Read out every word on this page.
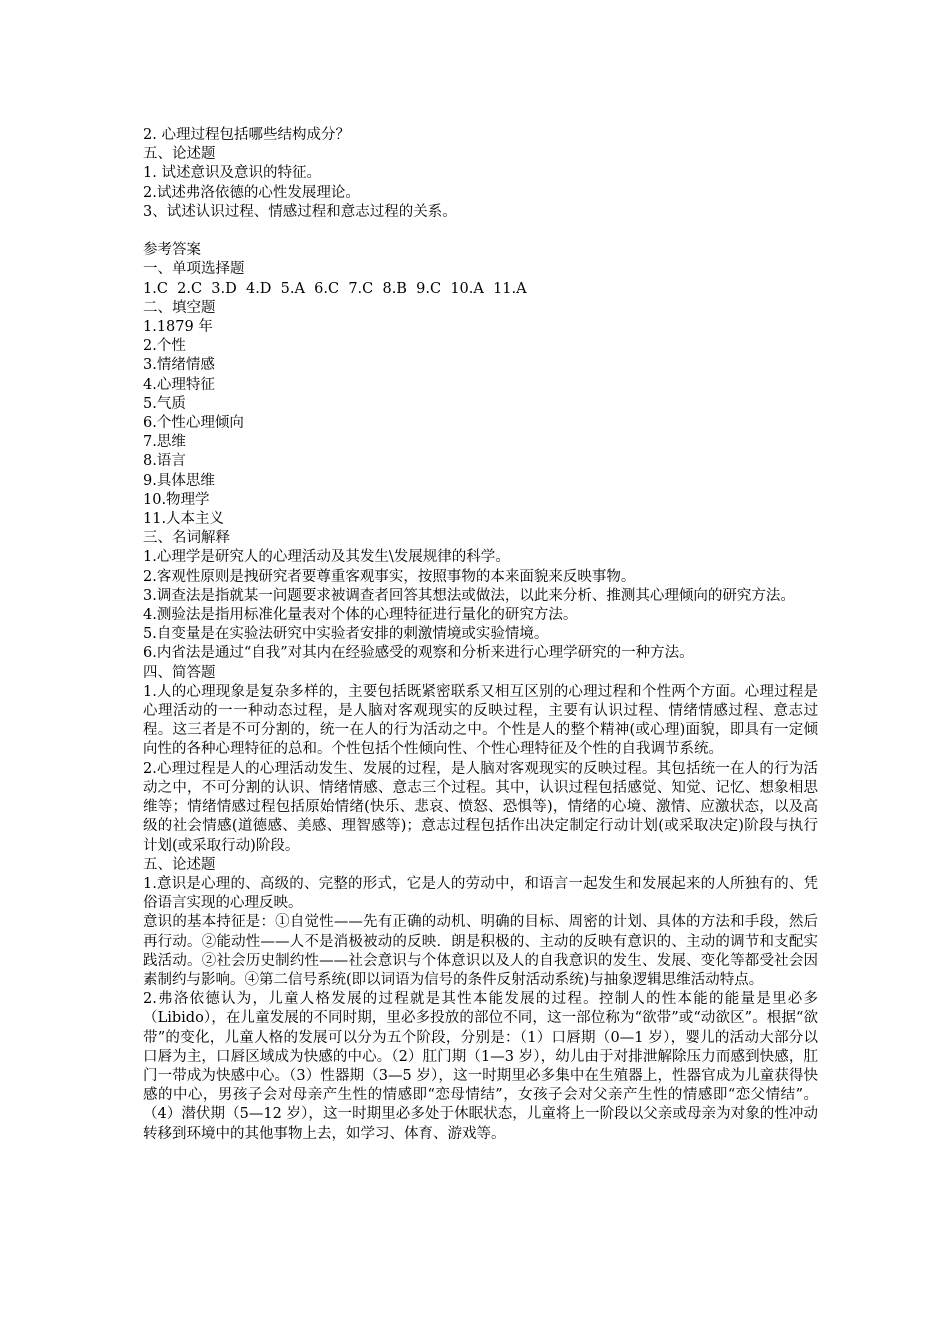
2. 心理过程包括哪些结构成分？

五、论述题

1. 试述意识及意识的特征。

2.试述弗洛依德的心性发展理论。

3、试述认识过程、情感过程和意志过程的关系。

参考答案

一、单项选择题

1.C  2.C  3.D  4.D  5.A  6.C  7.C  8.B  9.C  10.A  11.A

二、填空题

1.1879 年

2.个性

3.情绪情感

4.心理特征

5.气质

6.个性心理倾向

7.思维

8.语言

9.具体思维

10.物理学

11.人本主义

三、名词解释

1.心理学是研究人的心理活动及其发生\发展规律的科学。

2.客观性原则是拽研究者要尊重客观事实，按照事物的本来面貌来反映事物。

3.调查法是指就某一问题要求被调查者回答其想法或做法，以此来分析、推测其心理倾向的研究方法。

4.测验法是指用标准化量表对个体的心理特征进行量化的研究方法。

5.自变量是在实验法研究中实验者安排的刺激情境或实验情境。

6.内省法是通过“自我”对其内在经验感受的观察和分析来进行心理学研究的一种方法。

四、简答题

1.人的心理现象是复杂多样的，主要包括既紧密联系又相互区别的心理过程和个性两个方面。心理过程是心理活动的一一种动态过程，是人脑对客观现实的反映过程，主要有认识过程、情绪情感过程、意志过程。这三者是不可分割的，统一在人的行为活动之中。个性是人的整个精神(或心理)面貌，即具有一定倾向性的各种心理特征的总和。个性包括个性倾向性、个性心理特征及个性的自我调节系统。

2.心理过程是人的心理活动发生、发展的过程，是人脑对客观现实的反映过程。其包括统一在人的行为活动之中，不可分割的认识、情绪情感、意志三个过程。其中，认识过程包括感觉、知觉、记忆、想象相思维等；情绪情感过程包括原始情绪(快乐、悲哀、愤怒、恐惧等)，情绪的心境、激情、应激状态，以及高级的社会情感(道德感、美感、理智感等)；意志过程包括作出决定制定行动计划(或采取决定)阶段与执行计划(或采取行动)阶段。

五、论述题

1.意识是心理的、高级的、完整的形式，它是人的劳动中，和语言一起发生和发展起来的人所独有的、凭俗语言实现的心理反映。

意识的基本持征是：①自觉性——先有正确的动机、明确的目标、周密的计划、具体的方法和手段，然后再行动。②能动性——人不是消极被动的反映．朗是积极的、主动的反映有意识的、主动的调节和支配实践活动。②社会历史制约性——社会意识与个体意识以及人的自我意识的发生、发展、变化等都受社会因素制约与影响。④第二信号系统(即以词语为信号的条件反射活动系统)与抽象逻辑思维活动特点。

2.弗洛依德认为，儿童人格发展的过程就是其性本能发展的过程。控制人的性本能的能量是里必多（Libido），在儿童发展的不同时期，里必多投放的部位不同，这一部位称为“欲带”或“动欲区”。根据“欲带”的变化，儿童人格的发展可以分为五个阶段，分别是：（1）口唇期（0—1 岁），婴儿的活动大部分以口唇为主，口唇区域成为快感的中心。（2）肛门期（1—3 岁），幼儿由于对排泄解除压力而感到快感，肛门一带成为快感中心。（3）性器期（3—5 岁），这一时期里必多集中在生殖器上，性器官成为儿童获得快感的中心，男孩子会对母亲产生性的情感即“恋母情结”，女孩子会对父亲产生性的情感即“恋父情结”。（4）潜伏期（5—12 岁），这一时期里必多处于休眠状态，儿童将上一阶段以父亲或母亲为对象的性冲动转移到环境中的其他事物上去，如学习、体育、游戏等。
